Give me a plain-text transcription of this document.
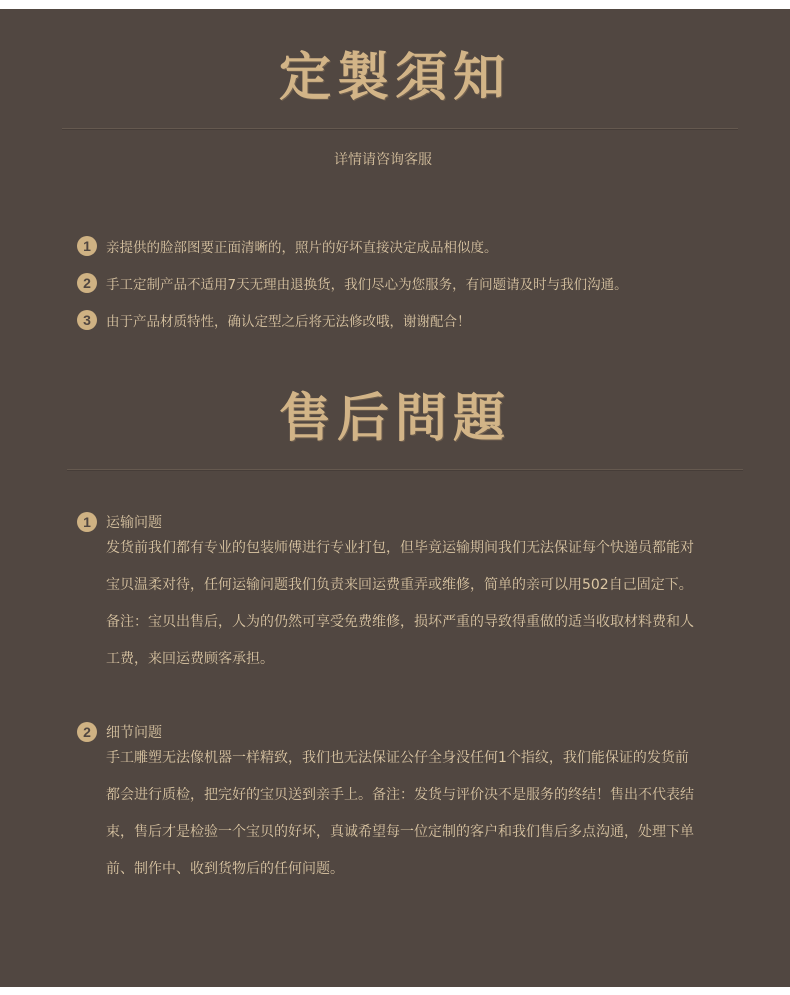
定製須知
详情请咨询客服
1	亲提供的脸部图要正面清晰的，照片的好坏直接决定成品相似度。
2	手工定制产品不适用7天无理由退换货，我们尽心为您服务，有问题请及时与我们沟通。
3	由于产品材质特性，确认定型之后将无法修改哦，谢谢配合！
售后問題
1	运输问题
发货前我们都有专业的包装师傅进行专业打包，但毕竟运输期间我们无法保证每个快递员都能对
宝贝温柔对待，任何运输问题我们负责来回运费重弄或维修，简单的亲可以用502自己固定下。
备注：宝贝出售后，人为的仍然可享受免费维修，损坏严重的导致得重做的适当收取材料费和人
工费，来回运费顾客承担。
2	细节问题
手工雕塑无法像机器一样精致，我们也无法保证公仔全身没任何1个指纹，我们能保证的发货前
都会进行质检，把完好的宝贝送到亲手上。备注：发货与评价决不是服务的终结！售出不代表结
束，售后才是检验一个宝贝的好坏，真诚希望每一位定制的客户和我们售后多点沟通，处理下单
前、制作中、收到货物后的任何问题。
